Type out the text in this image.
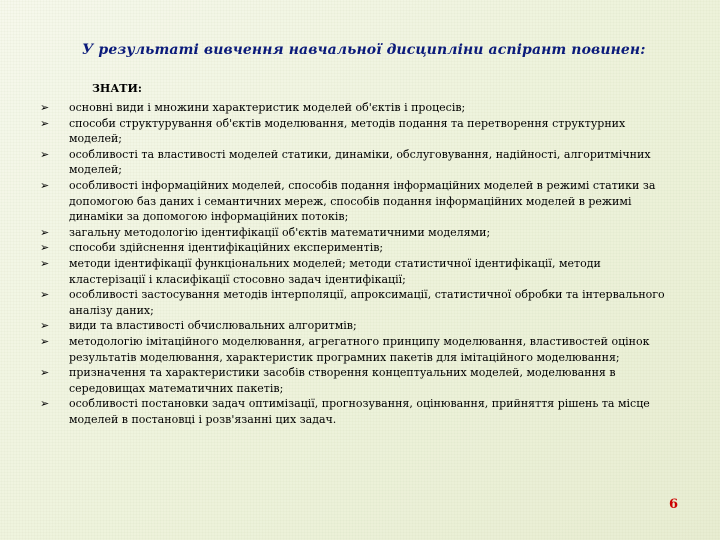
У результаті вивчення навчальної дисципліни аспірант повинен:
ЗНАТИ:
➢ основні види і множини характеристик моделей об'єктів і процесів;
➢ способи структурування об'єктів моделювання, методів подання та перетворення структурних моделей;
➢ особливості та властивості моделей статики, динаміки, обслуговування, надійності, алгоритмічних моделей;
➢ особливості інформаційних моделей, способів подання інформаційних моделей в режимі статики за допомогою баз даних і семантичних мереж, способів подання інформаційних моделей в режимі динаміки за допомогою інформаційних потоків;
➢ загальну методологію ідентифікації об'єктів математичними моделями;
➢ способи здійснення ідентифікаційних експериментів;
➢ методи ідентифікації функціональних моделей; методи статистичної ідентифікації, методи кластерізації і класифікації стосовно задач ідентифікації;
➢ особливості застосування методів інтерполяції, апроксимації, статистичної обробки та інтервального аналізу даних;
➢ види та властивості обчислювальних алгоритмів;
➢ методологію імітаційного моделювання, агрегатного принципу моделювання, властивостей оцінок результатів моделювання, характеристик програмних пакетів для імітаційного моделювання;
➢ призначення та характеристики засобів створення концептуальних моделей, моделювання в середовищах математичних пакетів;
➢ особливості постановки задач оптимізації, прогнозування, оцінювання, прийняття рішень та місце моделей в постановці і розв'язанні цих задач.
6
